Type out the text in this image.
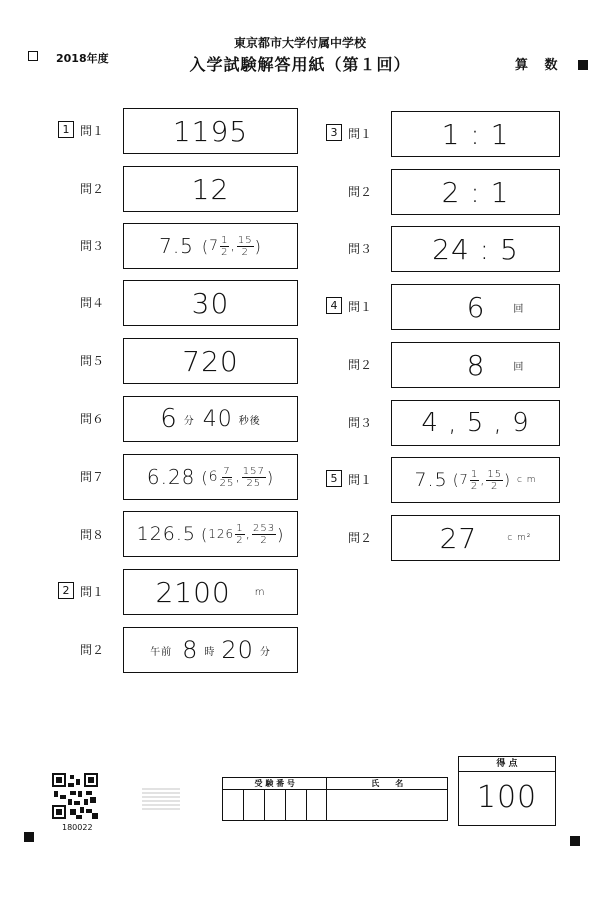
2018年度
東京都市大学付属中学校
入学試験解答用紙（第１回）	算 数
1 問１ 1195
問２	12
問３	7.5 ( $7 \frac{1}{2}$ , $\frac{15}{2}$ )
問４	30
問５	720
問６ 6 分 40 秒後
問７ 6.28 ( $6 \frac{7}{25}$ , $\frac{157}{25}$ )
問８ 126.5 ( $126 \frac{1}{2}$ , $\frac{253}{2}$ )
2 問１ 2100 m
問２	午前 8 時 20 分
3 問１ 1 : 1
問２ 2 : 1
問３ 24 : 5
4 問１	6	回
問２	8	回
問３ 4 , 5 , 9
5 問１ 7.5 ( $7 \frac{1}{2}$ , $\frac{15}{2}$ ) c m
問２ 27	c m²
180022
受 験 番 号					氏　　名

得 点
100
